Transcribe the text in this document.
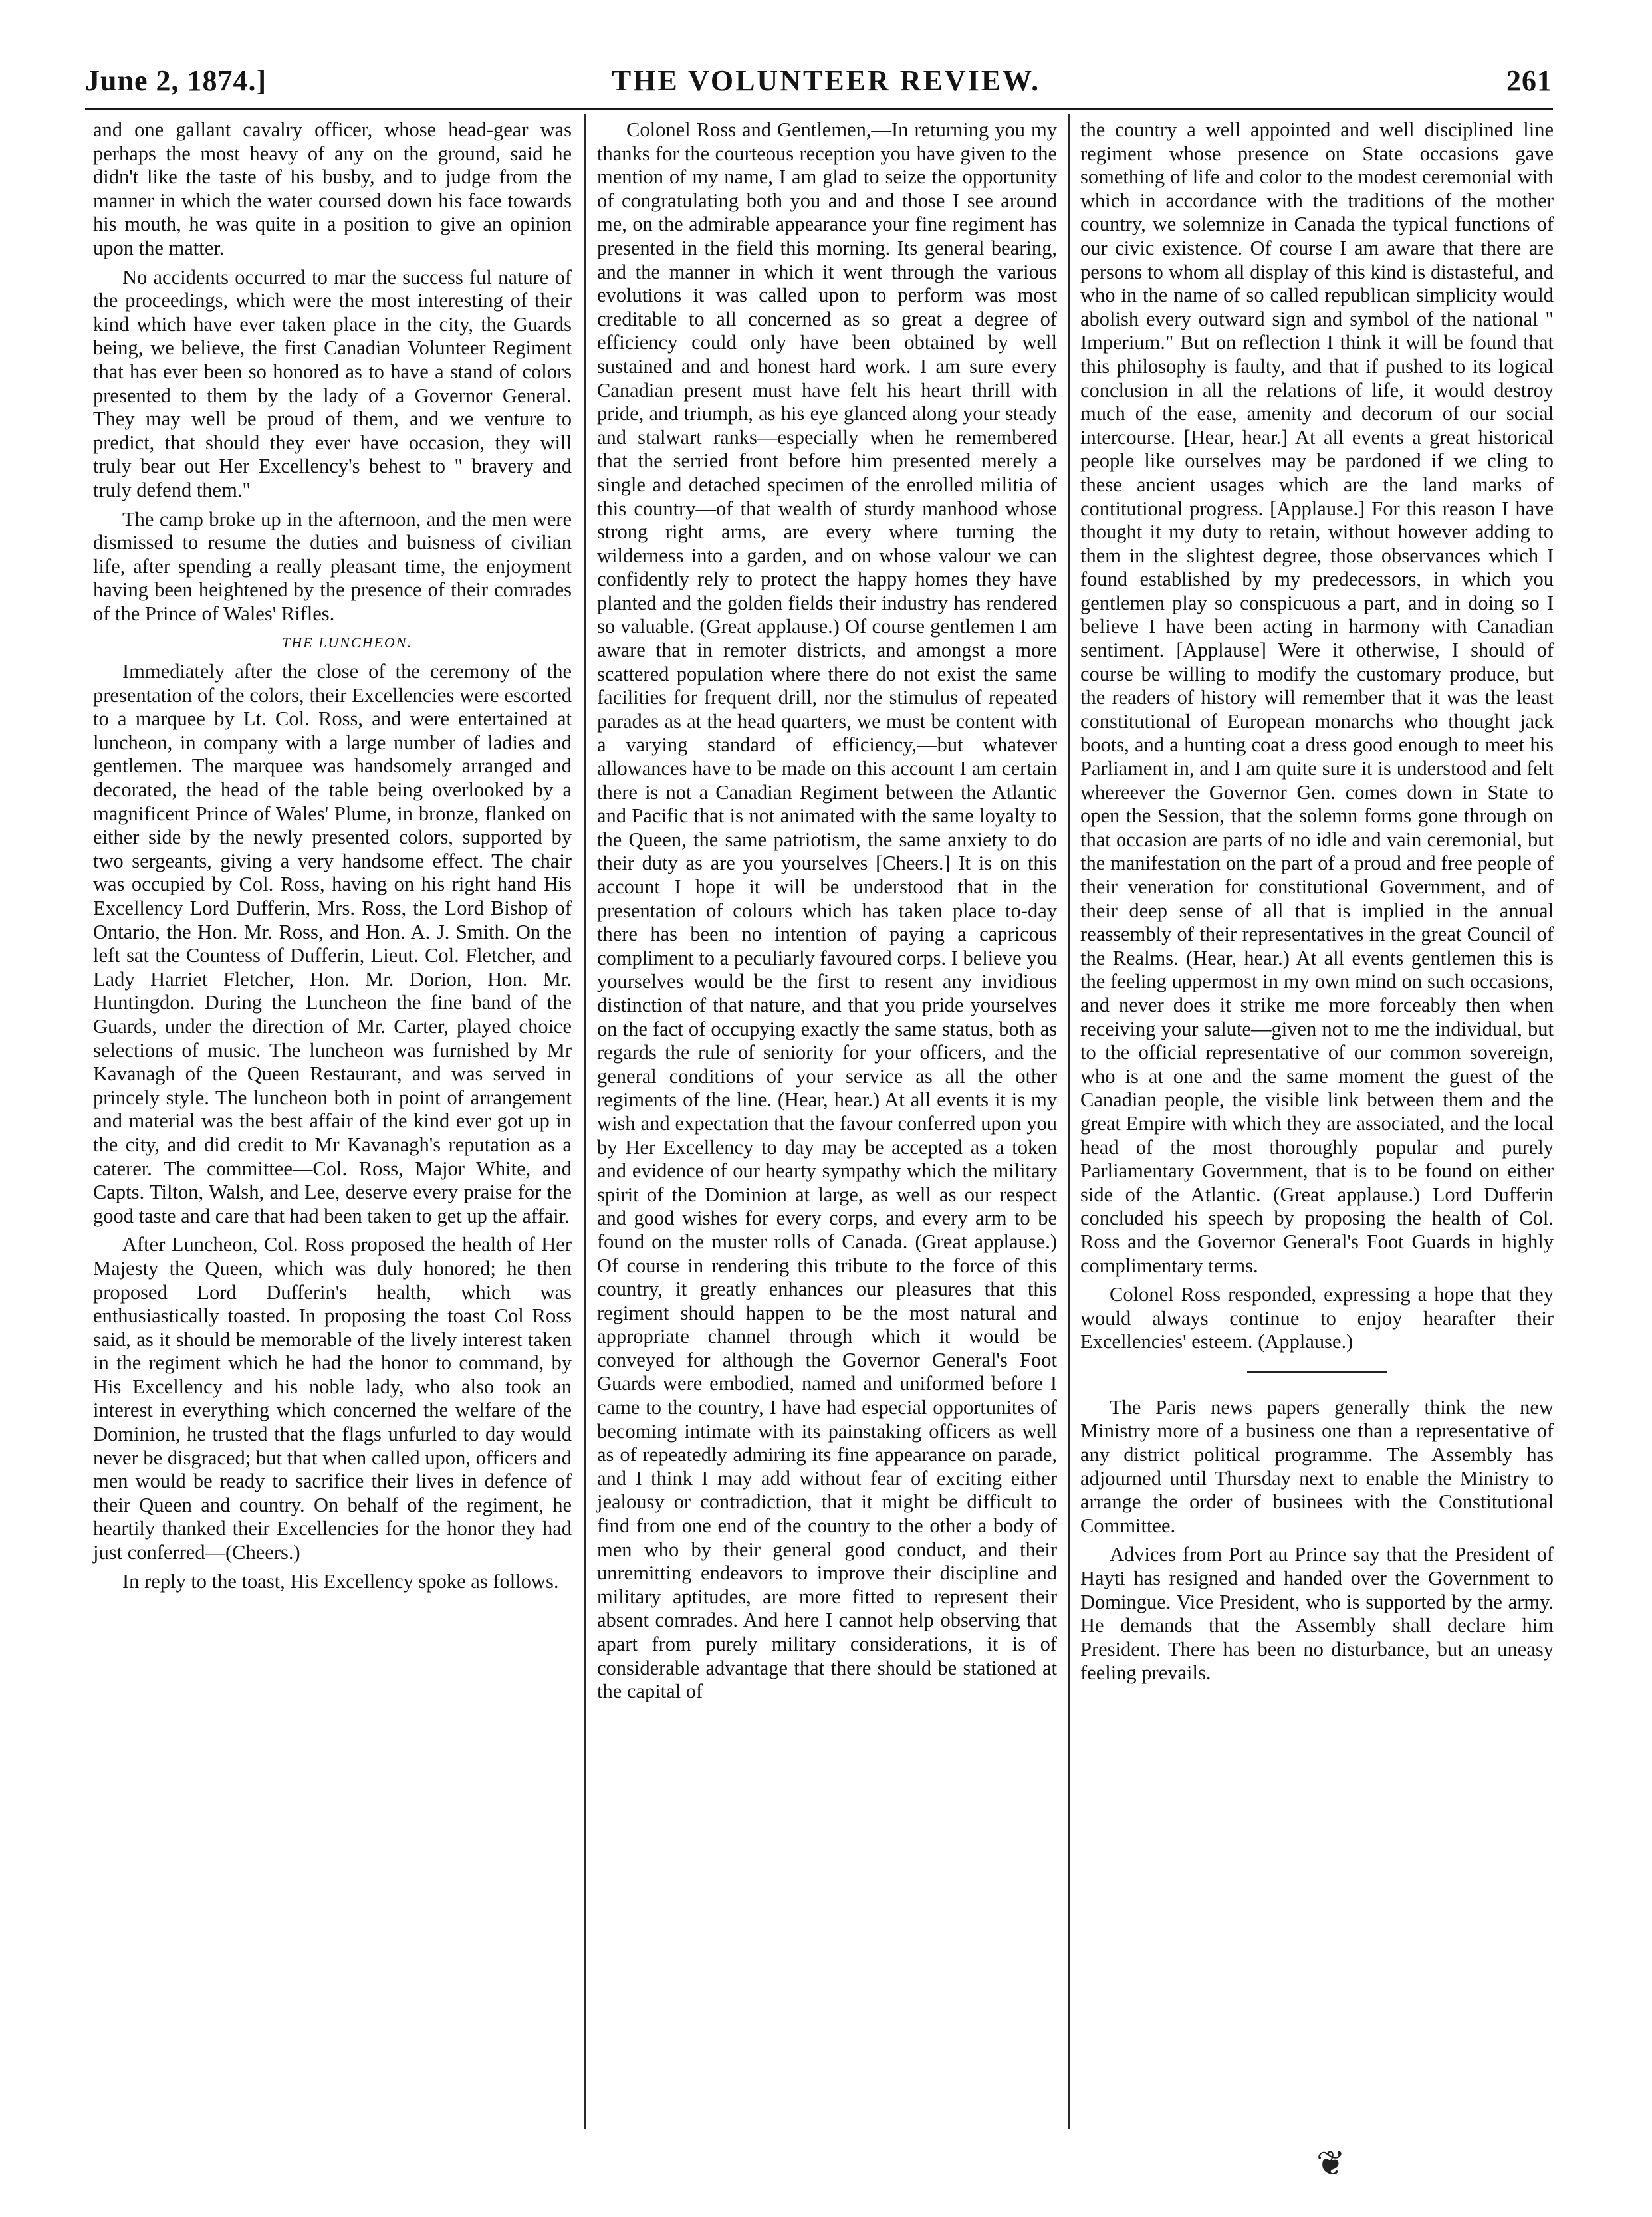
June 2, 1874.]	THE VOLUNTEER REVIEW.	261

and one gallant cavalry officer, whose head-gear was perhaps the most heavy of any on the ground, said he didn't like the taste of his busby, and to judge from the manner in which the water coursed down his face towards his mouth, he was quite in a position to give an opinion upon the matter.

No accidents occurred to mar the success ful nature of the proceedings, which were the most interesting of their kind which have ever taken place in the city, the Guards being, we believe, the first Canadian Volunteer Regiment that has ever been so honored as to have a stand of colors presented to them by the lady of a Governor General. They may well be proud of them, and we venture to predict, that should they ever have occasion, they will truly bear out Her Excellency's behest to " bravery and truly defend them."

The camp broke up in the afternoon, and the men were dismissed to resume the duties and buisness of civilian life, after spending a really pleasant time, the enjoyment having been heightened by the presence of their comrades of the Prince of Wales' Rifles.

THE LUNCHEON.

Immediately after the close of the ceremony of the presentation of the colors, their Excellencies were escorted to a marquee by Lt. Col. Ross, and were entertained at luncheon, in company with a large number of ladies and gentlemen. The marquee was handsomely arranged and decorated, the head of the table being overlooked by a magnificent Prince of Wales' Plume, in bronze, flanked on either side by the newly presented colors, supported by two sergeants, giving a very handsome effect. The chair was occupied by Col. Ross, having on his right hand His Excellency Lord Dufferin, Mrs. Ross, the Lord Bishop of Ontario, the Hon. Mr. Ross, and Hon. A. J. Smith. On the left sat the Countess of Dufferin, Lieut. Col. Fletcher, and Lady Harriet Fletcher, Hon. Mr. Dorion, Hon. Mr. Huntingdon. During the Luncheon the fine band of the Guards, under the direction of Mr. Carter, played choice selections of music. The luncheon was furnished by Mr Kavanagh of the Queen Restaurant, and was served in princely style. The luncheon both in point of arrangement and material was the best affair of the kind ever got up in the city, and did credit to Mr Kavanagh's reputation as a caterer. The committee—Col. Ross, Major White, and Capts. Tilton, Walsh, and Lee, deserve every praise for the good taste and care that had been taken to get up the affair.

After Luncheon, Col. Ross proposed the health of Her Majesty the Queen, which was duly honored; he then proposed Lord Dufferin's health, which was enthusiastically toasted. In proposing the toast Col Ross said, as it should be memorable of the lively interest taken in the regiment which he had the honor to command, by His Excellency and his noble lady, who also took an interest in everything which concerned the welfare of the Dominion, he trusted that the flags unfurled to day would never be disgraced; but that when called upon, officers and men would be ready to sacrifice their lives in defence of their Queen and country. On behalf of the regiment, he heartily thanked their Excellencies for the honor they had just conferred—(Cheers.)

In reply to the toast, His Excellency spoke as follows.

Colonel Ross and Gentlemen,—In returning you my thanks for the courteous reception you have given to the mention of my name, I am glad to seize the opportunity of congratulating both you and and those I see around me, on the admirable appearance your fine regiment has presented in the field this morning. Its general bearing, and the manner in which it went through the various evolutions it was called upon to perform was most creditable to all concerned as so great a degree of efficiency could only have been obtained by well sustained and and honest hard work. I am sure every Canadian present must have felt his heart thrill with pride, and triumph, as his eye glanced along your steady and stalwart ranks—especially when he remembered that the serried front before him presented merely a single and detached specimen of the enrolled militia of this country—of that wealth of sturdy manhood whose strong right arms, are every where turning the wilderness into a garden, and on whose valour we can confidently rely to protect the happy homes they have planted and the golden fields their industry has rendered so valuable. (Great applause.) Of course gentlemen I am aware that in remoter districts, and amongst a more scattered population where there do not exist the same facilities for frequent drill, nor the stimulus of repeated parades as at the head quarters, we must be content with a varying standard of efficiency,—but whatever allowances have to be made on this account I am certain there is not a Canadian Regiment between the Atlantic and Pacific that is not animated with the same loyalty to the Queen, the same patriotism, the same anxiety to do their duty as are you yourselves [Cheers.] It is on this account I hope it will be understood that in the presentation of colours which has taken place to-day there has been no intention of paying a capricous compliment to a peculiarly favoured corps. I believe you yourselves would be the first to resent any invidious distinction of that nature, and that you pride yourselves on the fact of occupying exactly the same status, both as regards the rule of seniority for your officers, and the general conditions of your service as all the other regiments of the line. (Hear, hear.) At all events it is my wish and expectation that the favour conferred upon you by Her Excellency to day may be accepted as a token and evidence of our hearty sympathy which the military spirit of the Dominion at large, as well as our respect and good wishes for every corps, and every arm to be found on the muster rolls of Canada. (Great applause.) Of course in rendering this tribute to the force of this country, it greatly enhances our pleasures that this regiment should happen to be the most natural and appropriate channel through which it would be conveyed for although the Governor General's Foot Guards were embodied, named and uniformed before I came to the country, I have had especial opportunites of becoming intimate with its painstaking officers as well as of repeatedly admiring its fine appearance on parade, and I think I may add without fear of exciting either jealousy or contradiction, that it might be difficult to find from one end of the country to the other a body of men who by their general good conduct, and their unremitting endeavors to improve their discipline and military aptitudes, are more fitted to represent their absent comrades. And here I cannot help observing that apart from purely military considerations, it is of considerable advantage that there should be stationed at the capital of

the country a well appointed and well disciplined line regiment whose presence on State occasions gave something of life and color to the modest ceremonial with which in accordance with the traditions of the mother country, we solemnize in Canada the typical functions of our civic existence. Of course I am aware that there are persons to whom all display of this kind is distasteful, and who in the name of so called republican simplicity would abolish every outward sign and symbol of the national " Imperium." But on reflection I think it will be found that this philosophy is faulty, and that if pushed to its logical conclusion in all the relations of life, it would destroy much of the ease, amenity and decorum of our social intercourse. [Hear, hear.] At all events a great historical people like ourselves may be pardoned if we cling to these ancient usages which are the land marks of contitutional progress. [Applause.] For this reason I have thought it my duty to retain, without however adding to them in the slightest degree, those observances which I found established by my predecessors, in which you gentlemen play so conspicuous a part, and in doing so I believe I have been acting in harmony with Canadian sentiment. [Applause] Were it otherwise, I should of course be willing to modify the customary produce, but the readers of history will remember that it was the least constitutional of European monarchs who thought jack boots, and a hunting coat a dress good enough to meet his Parliament in, and I am quite sure it is understood and felt whereever the Governor Gen. comes down in State to open the Session, that the solemn forms gone through on that occasion are parts of no idle and vain ceremonial, but the manifestation on the part of a proud and free people of their veneration for constitutional Government, and of their deep sense of all that is implied in the annual reassembly of their representatives in the great Council of the Realms. (Hear, hear.) At all events gentlemen this is the feeling uppermost in my own mind on such occasions, and never does it strike me more forceably then when receiving your salute—given not to me the individual, but to the official representative of our common sovereign, who is at one and the same moment the guest of the Canadian people, the visible link between them and the great Empire with which they are associated, and the local head of the most thoroughly popular and purely Parliamentary Government, that is to be found on either side of the Atlantic. (Great applause.) Lord Dufferin concluded his speech by proposing the health of Col. Ross and the Governor General's Foot Guards in highly complimentary terms.

Colonel Ross responded, expressing a hope that they would always continue to enjoy hearafter their Excellencies' esteem. (Applause.)

The Paris news papers generally think the new Ministry more of a business one than a representative of any district political programme. The Assembly has adjourned until Thursday next to enable the Ministry to arrange the order of businees with the Constitutional Committee.

Advices from Port au Prince say that the President of Hayti has resigned and handed over the Government to Domingue. Vice President, who is supported by the army. He demands that the Assembly shall declare him President. There has been no disturbance, but an uneasy feeling prevails.

❦
